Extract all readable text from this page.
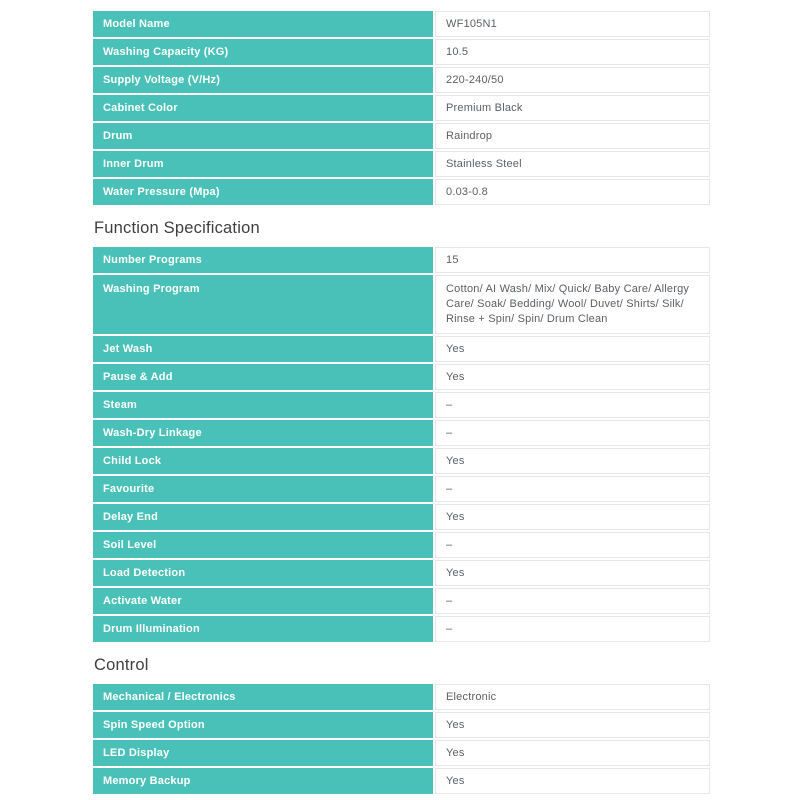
Model Name	WF105N1
Washing Capacity (KG)	10.5
Supply Voltage (V/Hz)	220-240/50
Cabinet Color	Premium Black
Drum	Raindrop
Inner Drum	Stainless Steel
Water Pressure (Mpa)	0.03-0.8
Function Specification
Number Programs	15
Washing Program	Cotton/ AI Wash/ Mix/ Quick/ Baby Care/ Allergy Care/ Soak/ Bedding/ Wool/ Duvet/ Shirts/ Silk/ Rinse + Spin/ Spin/ Drum Clean
Jet Wash	Yes
Pause & Add	Yes
Steam	–
Wash-Dry Linkage	–
Child Lock	Yes
Favourite	–
Delay End	Yes
Soil Level	–
Load Detection	Yes
Activate Water	–
Drum Illumination	–
Control
Mechanical / Electronics	Electronic
Spin Speed Option	Yes
LED Display	Yes
Memory Backup	Yes
